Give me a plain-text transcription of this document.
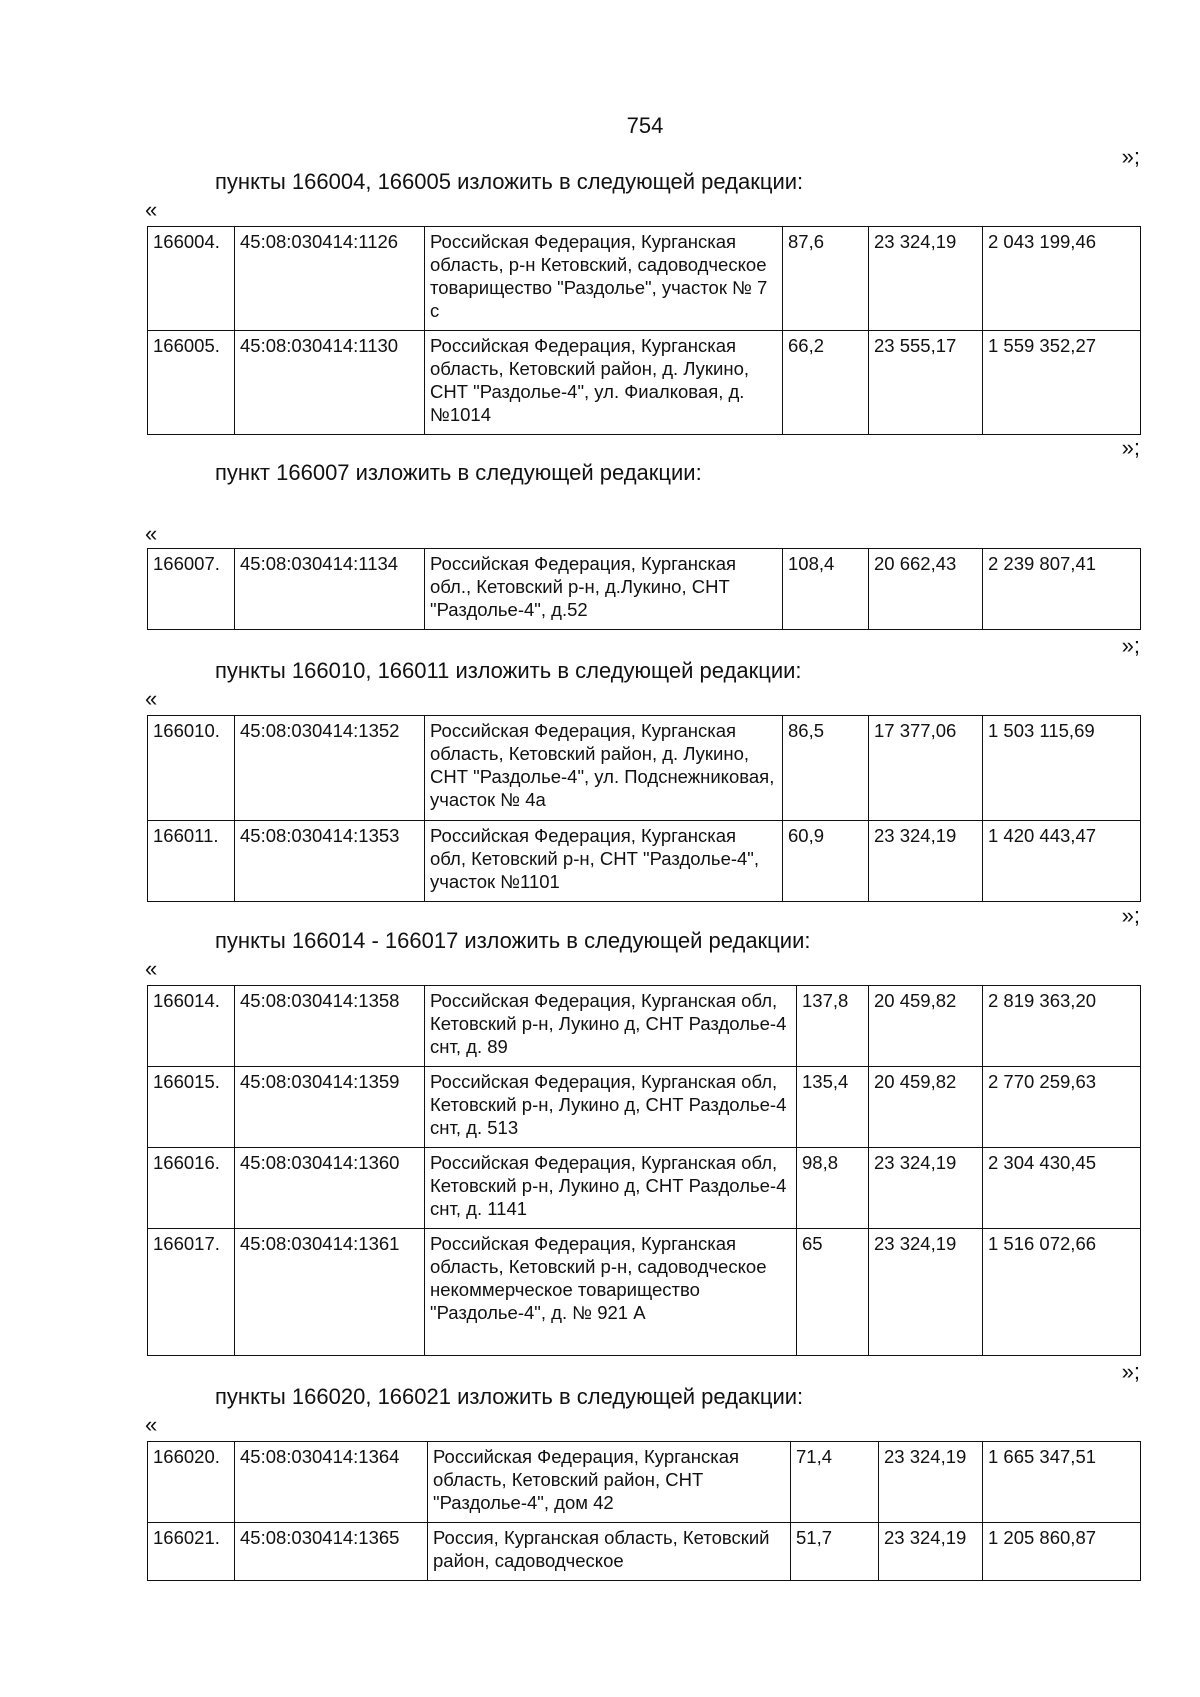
754
»;
пункты 166004, 166005 изложить в следующей редакции:
«
166004.	45:08:030414:1126	Российская Федерация, Курганская область, р-н Кетовский, садоводческое товарищество "Раздолье", участок № 7 с	87,6	23 324,19	2 043 199,46
166005.	45:08:030414:1130	Российская Федерация, Курганская область, Кетовский район, д. Лукино, СНТ "Раздолье-4", ул. Фиалковая, д. №1014	66,2	23 555,17	1 559 352,27
»;
пункт 166007 изложить в следующей редакции:
«
166007.	45:08:030414:1134	Российская Федерация, Курганская обл., Кетовский р-н, д.Лукино, СНТ "Раздолье-4", д.52	108,4	20 662,43	2 239 807,41
»;
пункты 166010, 166011 изложить в следующей редакции:
«
166010.	45:08:030414:1352	Российская Федерация, Курганская область, Кетовский район, д. Лукино, СНТ "Раздолье-4", ул. Подснежниковая, участок № 4а	86,5	17 377,06	1 503 115,69
166011.	45:08:030414:1353	Российская Федерация, Курганская обл, Кетовский р-н, СНТ "Раздолье-4", участок №1101	60,9	23 324,19	1 420 443,47
»;
пункты 166014 - 166017 изложить в следующей редакции:
«
166014.	45:08:030414:1358	Российская Федерация, Курганская обл, Кетовский р-н, Лукино д, СНТ Раздолье-4 снт, д. 89	137,8	20 459,82	2 819 363,20
166015.	45:08:030414:1359	Российская Федерация, Курганская обл, Кетовский р-н, Лукино д, СНТ Раздолье-4 снт, д. 513	135,4	20 459,82	2 770 259,63
166016.	45:08:030414:1360	Российская Федерация, Курганская обл, Кетовский р-н, Лукино д, СНТ Раздолье-4 снт, д. 1141	98,8	23 324,19	2 304 430,45
166017.	45:08:030414:1361	Российская Федерация, Курганская область, Кетовский р-н, садоводческое некоммерческое товарищество "Раздолье-4", д. № 921 А	65	23 324,19	1 516 072,66
»;
пункты 166020, 166021 изложить в следующей редакции:
«
166020.	45:08:030414:1364	Российская Федерация, Курганская область, Кетовский район, СНТ "Раздолье-4", дом 42	71,4	23 324,19	1 665 347,51
166021.	45:08:030414:1365	Россия, Курганская область, Кетовский район, садоводческое	51,7	23 324,19	1 205 860,87
